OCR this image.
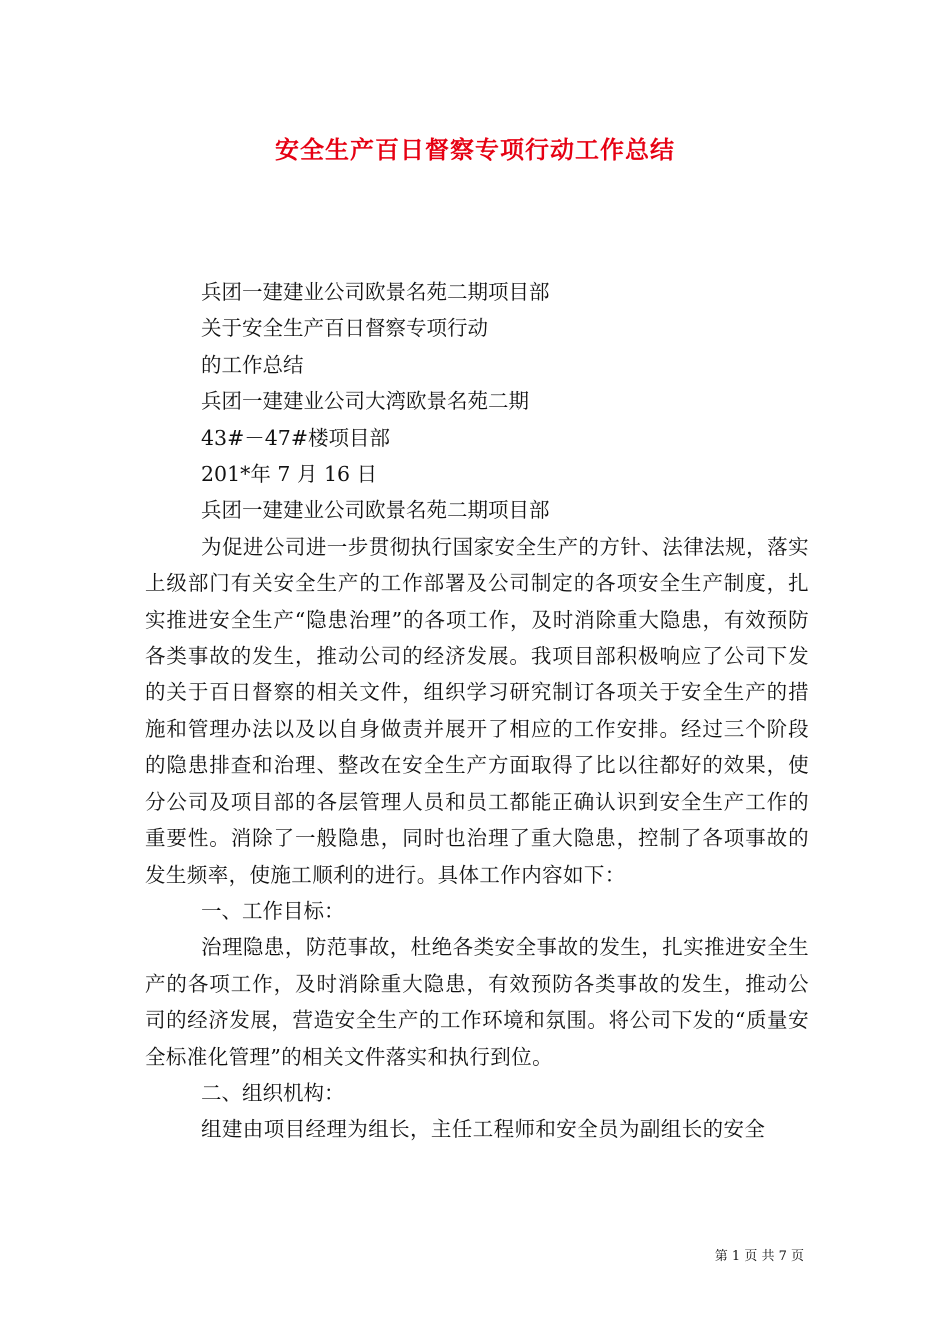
安全生产百日督察专项行动工作总结

兵团一建建业公司欧景名苑二期项目部

关于安全生产百日督察专项行动

的工作总结

兵团一建建业公司大湾欧景名苑二期

43#－47#楼项目部

201*年 7 月 16 日

兵团一建建业公司欧景名苑二期项目部

为促进公司进一步贯彻执行国家安全生产的方针、法律法规，落实上级部门有关安全生产的工作部署及公司制定的各项安全生产制度，扎实推进安全生产“隐患治理”的各项工作，及时消除重大隐患，有效预防各类事故的发生，推动公司的经济发展。我项目部积极响应了公司下发的关于百日督察的相关文件，组织学习研究制订各项关于安全生产的措施和管理办法以及以自身做责并展开了相应的工作安排。经过三个阶段的隐患排查和治理、整改在安全生产方面取得了比以往都好的效果，使分公司及项目部的各层管理人员和员工都能正确认识到安全生产工作的重要性。消除了一般隐患，同时也治理了重大隐患，控制了各项事故的发生频率，使施工顺利的进行。具体工作内容如下：

一、工作目标：

治理隐患，防范事故，杜绝各类安全事故的发生，扎实推进安全生产的各项工作，及时消除重大隐患，有效预防各类事故的发生，推动公司的经济发展，营造安全生产的工作环境和氛围。将公司下发的“质量安全标准化管理”的相关文件落实和执行到位。

二、组织机构：

组建由项目经理为组长，主任工程师和安全员为副组长的安全

第 1 页 共 7 页
